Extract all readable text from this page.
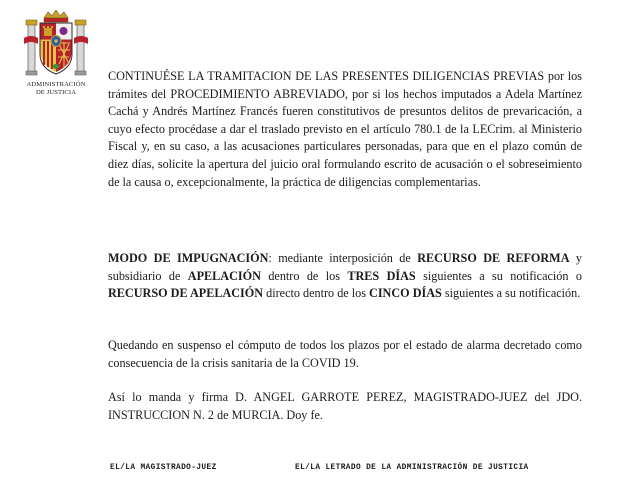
ADMINISTRACIÓN
DE JUSTICIA
CONTINUÉSE LA TRAMITACION DE LAS PRESENTES DILIGENCIAS PREVIAS por los trámites del PROCEDIMIENTO ABREVIADO, por si los hechos imputados a Adela Martínez Cachá y Andrés Martínez Francés fueren constitutivos de presuntos delitos de prevaricación, a cuyo efecto procédase a dar el traslado previsto en el artículo 780.1 de la LECrim. al Ministerio Fiscal y, en su caso, a las acusaciones particulares personadas, para que en el plazo común de diez días, solicite la apertura del juicio oral formulando escrito de acusación o el sobreseimiento de la causa o, excepcionalmente, la práctica de diligencias complementarias.
MODO DE IMPUGNACIÓN: mediante interposición de RECURSO DE REFORMA y subsidiario de APELACIÓN dentro de los TRES DÍAS siguientes a su notificación o RECURSO DE APELACIÓN directo dentro de los CINCO DÍAS siguientes a su notificación.
Quedando en suspenso el cómputo de todos los plazos por el estado de alarma decretado como consecuencia de la crisis sanitaria de la COVID 19.
Así lo manda y firma D. ANGEL GARROTE PEREZ, MAGISTRADO-JUEZ del JDO. INSTRUCCION N. 2 de MURCIA. Doy fe.
EL/LA MAGISTRADO-JUEZ	EL/LA LETRADO DE LA ADMINISTRACIÓN DE JUSTICIA
